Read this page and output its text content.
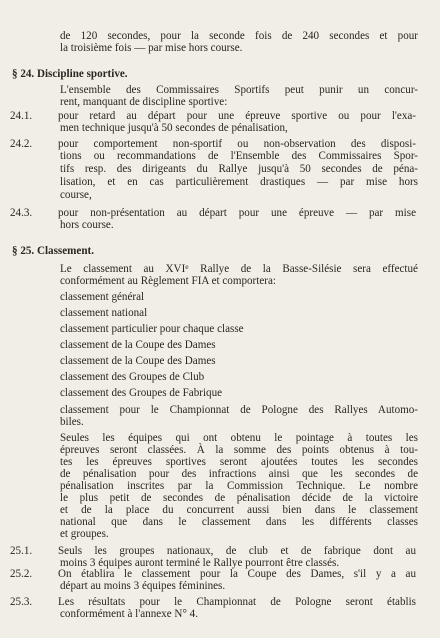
de 120 secondes, pour la seconde fois de 240 secondes et pour
la troisième fois — par mise hors course.
§ 24. Discipline sportive.
L'ensemble des Commissaires Sportifs peut punir un concur-
rent, manquant de discipline sportive:
24.1. pour retard au départ pour une épreuve sportive ou pour l'exa-
men technique jusqu'à 50 secondes de pénalisation,
24.2. pour comportement non-sportif ou non-observation des disposi-
tions ou recommandations de l'Ensemble des Commissaires Spor-
tifs resp. des dirigeants du Rallye jusqu'à 50 secondes de péna-
lisation, et en cas particulièrement drastiques — par mise hors
course,
24.3. pour non-présentation au départ pour une épreuve — par mise
hors course.
§ 25. Classement.
Le classement au XVIe Rallye de la Basse-Silésie sera effectué
conformément au Règlement FIA et comportera:
classement général
classement national
classement particulier pour chaque classe
classement de la Coupe des Dames
classement de la Coupe des Dames
classement des Groupes de Club
classement des Groupes de Fabrique
classement pour le Championnat de Pologne des Rallyes Automo-
biles.
Seules les équipes qui ont obtenu le pointage à toutes les
épreuves seront classées. À la somme des points obtenus à tou-
tes les épreuves sportives seront ajoutées toutes les secondes
de pénalisation pour des infractions ainsi que les secondes de
pénalisation inscrites par la Commission Technique. Le nombre
le plus petit de secondes de pénalisation décide de la victoire
et de la place du concurrent aussi bien dans le classement
national que dans le classement dans les différents classes
et groupes.
25.1. Seuls les groupes nationaux, de club et de fabrique dont au
moins 3 équipes auront terminé le Rallye pourront être classés.
25.2. On établira le classement pour la Coupe des Dames, s'il y a au
départ au moins 3 équipes féminines.
25.3. Les résultats pour le Championnat de Pologne seront établis
conformément à l'annexe N° 4.
